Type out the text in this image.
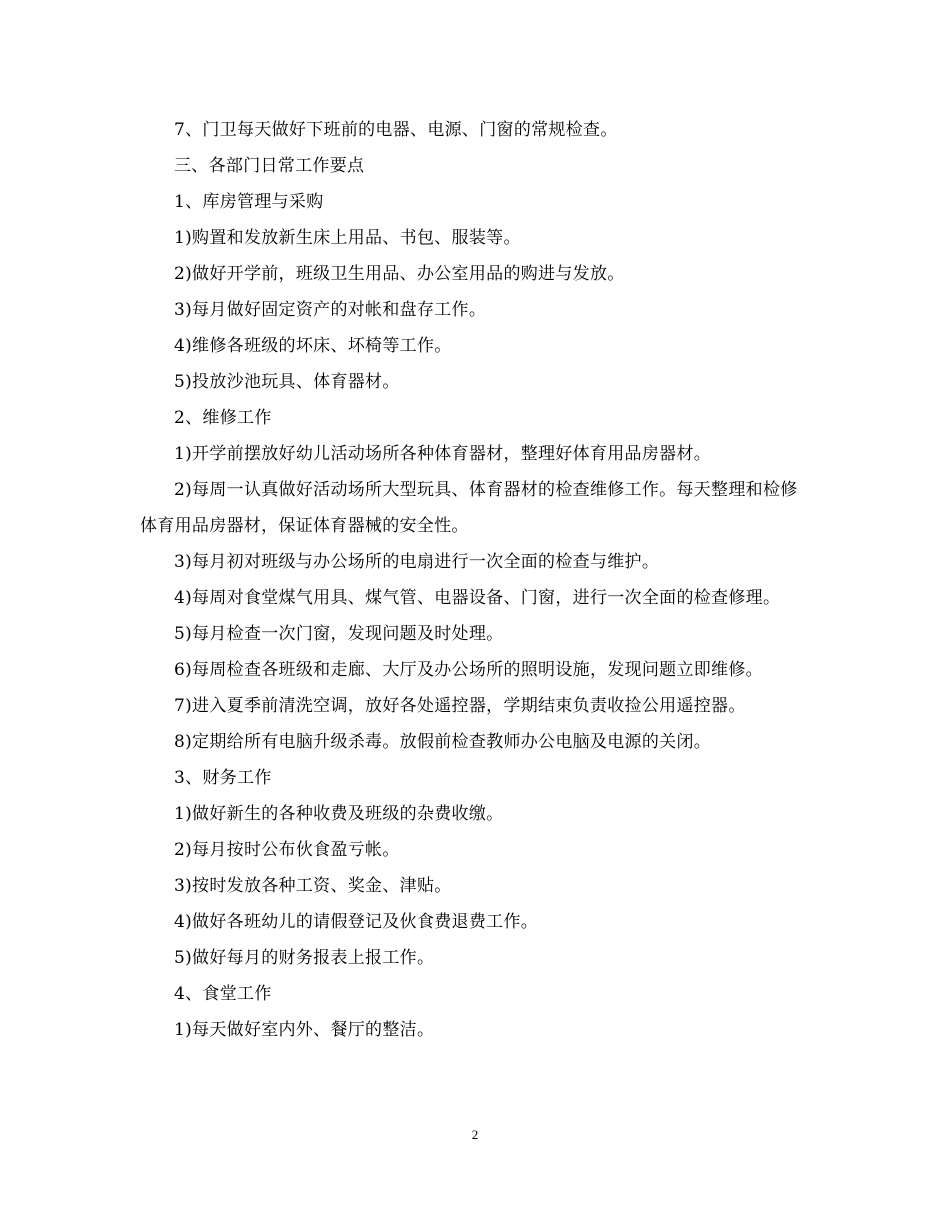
7、门卫每天做好下班前的电器、电源、门窗的常规检查。

三、各部门日常工作要点

1、库房管理与采购

1)购置和发放新生床上用品、书包、服装等。

2)做好开学前，班级卫生用品、办公室用品的购进与发放。

3)每月做好固定资产的对帐和盘存工作。

4)维修各班级的坏床、坏椅等工作。

5)投放沙池玩具、体育器材。

2、维修工作

1)开学前摆放好幼儿活动场所各种体育器材，整理好体育用品房器材。

2)每周一认真做好活动场所大型玩具、体育器材的检查维修工作。每天整理和检修体育用品房器材，保证体育器械的安全性。

3)每月初对班级与办公场所的电扇进行一次全面的检查与维护。

4)每周对食堂煤气用具、煤气管、电器设备、门窗，进行一次全面的检查修理。

5)每月检查一次门窗，发现问题及时处理。

6)每周检查各班级和走廊、大厅及办公场所的照明设施，发现问题立即维修。

7)进入夏季前清洗空调，放好各处遥控器，学期结束负责收捡公用遥控器。

8)定期给所有电脑升级杀毒。放假前检查教师办公电脑及电源的关闭。

3、财务工作

1)做好新生的各种收费及班级的杂费收缴。

2)每月按时公布伙食盈亏帐。

3)按时发放各种工资、奖金、津贴。

4)做好各班幼儿的请假登记及伙食费退费工作。

5)做好每月的财务报表上报工作。

4、食堂工作

1)每天做好室内外、餐厅的整洁。

2
